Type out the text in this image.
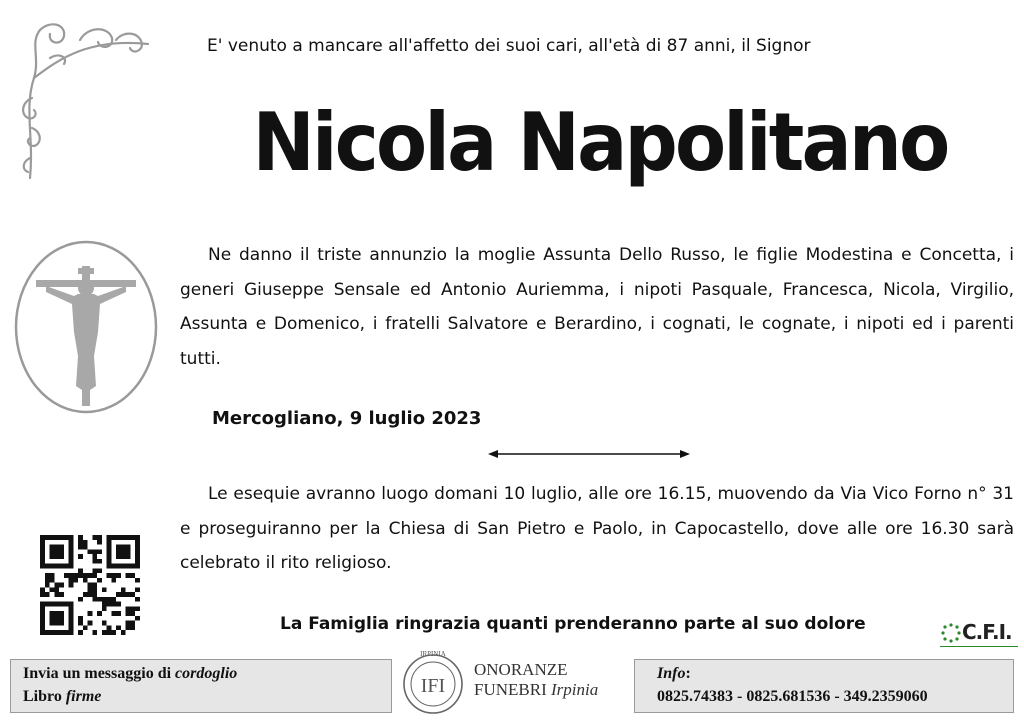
E' venuto a mancare all'affetto dei suoi cari, all'età di 87 anni, il Signor
Nicola Napolitano
Ne danno il triste annunzio la moglie Assunta Dello Russo, le figlie Modestina e Concetta, i generi Giuseppe Sensale ed Antonio Auriemma, i nipoti Pasquale, Francesca, Nicola, Virgilio, Assunta e Domenico, i fratelli Salvatore e Berardino, i cognati, le cognate, i nipoti ed i parenti tutti.
Mercogliano, 9 luglio 2023
Le esequie avranno luogo domani 10 luglio, alle ore 16.15, muovendo da Via Vico Forno n° 31 e proseguiranno per la Chiesa di San Pietro e Paolo, in Capocastello, dove alle ore 16.30 sarà celebrato il rito religioso.
La Famiglia ringrazia quanti prenderanno parte al suo dolore	C.F.I.
Invia un messaggio di cordoglio
Libro firme
IRPINIA
IFI
ONORANZE
FUNEBRI Irpinia
Info:
0825.74383 - 0825.681536 - 349.2359060
